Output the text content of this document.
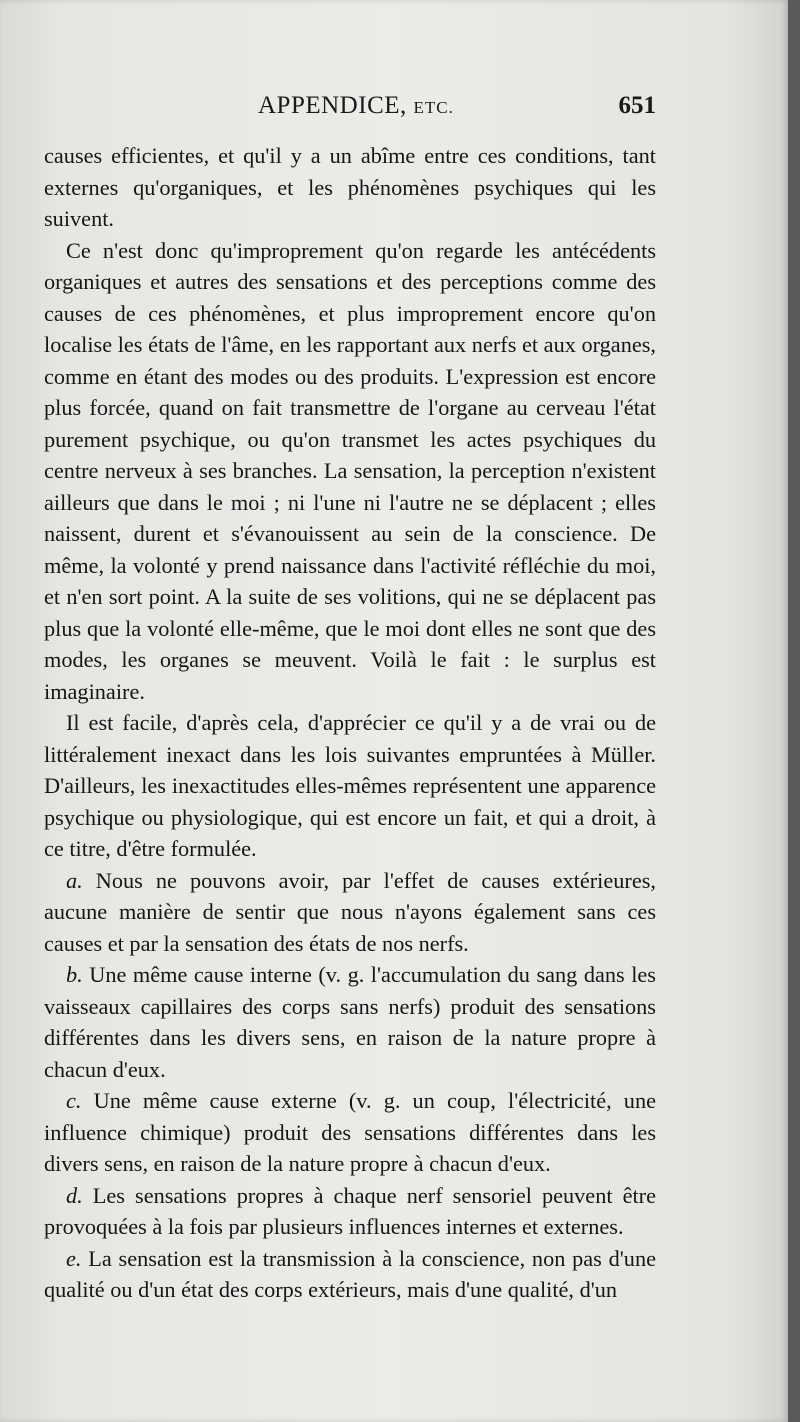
APPENDICE, ETC.	651

causes efficientes, et qu'il y a un abîme entre ces conditions, tant externes qu'organiques, et les phénomènes psychiques qui les suivent.

Ce n'est donc qu'improprement qu'on regarde les antécédents organiques et autres des sensations et des perceptions comme des causes de ces phénomènes, et plus improprement encore qu'on localise les états de l'âme, en les rapportant aux nerfs et aux organes, comme en étant des modes ou des produits. L'expression est encore plus forcée, quand on fait transmettre de l'organe au cerveau l'état purement psychique, ou qu'on transmet les actes psychiques du centre nerveux à ses branches. La sensation, la perception n'existent ailleurs que dans le moi ; ni l'une ni l'autre ne se déplacent ; elles naissent, durent et s'évanouissent au sein de la conscience. De même, la volonté y prend naissance dans l'activité réfléchie du moi, et n'en sort point. A la suite de ses volitions, qui ne se déplacent pas plus que la volonté elle-même, que le moi dont elles ne sont que des modes, les organes se meuvent. Voilà le fait : le surplus est imaginaire.

Il est facile, d'après cela, d'apprécier ce qu'il y a de vrai ou de littéralement inexact dans les lois suivantes empruntées à Müller. D'ailleurs, les inexactitudes elles-mêmes représentent une apparence psychique ou physiologique, qui est encore un fait, et qui a droit, à ce titre, d'être formulée.

a. Nous ne pouvons avoir, par l'effet de causes extérieures, aucune manière de sentir que nous n'ayons également sans ces causes et par la sensation des états de nos nerfs.

b. Une même cause interne (v. g. l'accumulation du sang dans les vaisseaux capillaires des corps sans nerfs) produit des sensations différentes dans les divers sens, en raison de la nature propre à chacun d'eux.

c. Une même cause externe (v. g. un coup, l'électricité, une influence chimique) produit des sensations différentes dans les divers sens, en raison de la nature propre à chacun d'eux.

d. Les sensations propres à chaque nerf sensoriel peuvent être provoquées à la fois par plusieurs influences internes et externes.

e. La sensation est la transmission à la conscience, non pas d'une qualité ou d'un état des corps extérieurs, mais d'une qualité, d'un
